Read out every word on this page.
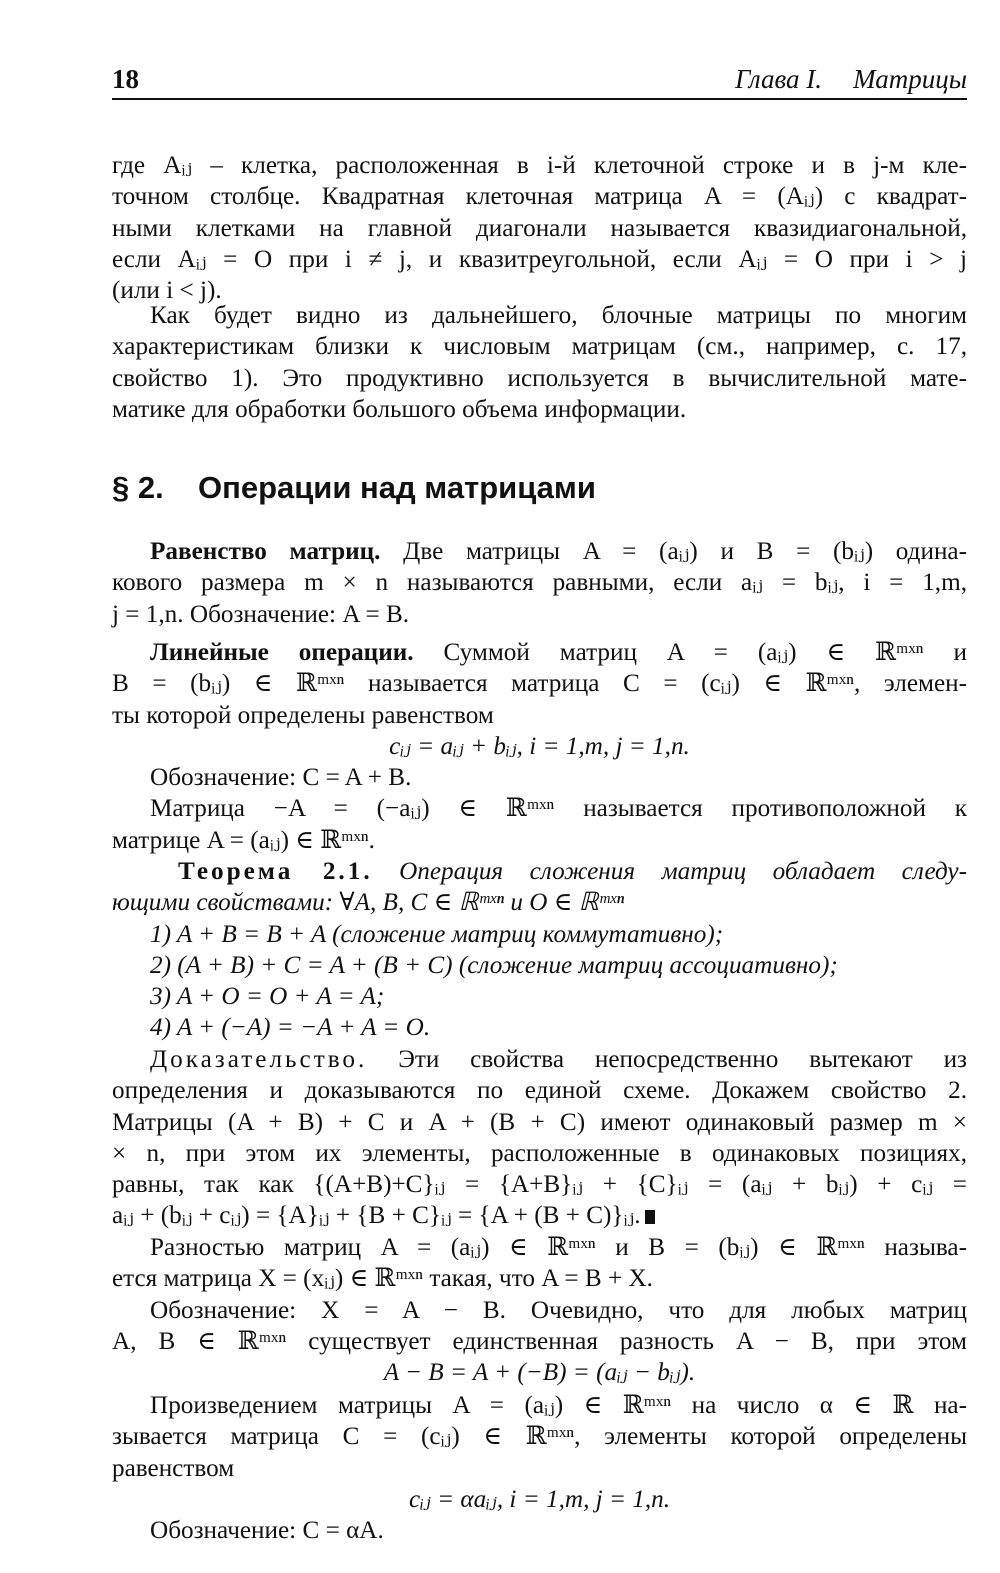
18	Глава I. Матрицы
где Aᵢⱼ – клетка, расположенная в i-й клеточной строке и в j-м кле-
точном столбце. Квадратная клеточная матрица A = (Aᵢⱼ) с квадрат-
ными клетками на главной диагонали называется квазидиагональной,
если Aᵢⱼ = O при i ≠ j, и квазитреугольной, если Aᵢⱼ = O при i > j
(или i < j).
Как будет видно из дальнейшего, блочные матрицы по многим
характеристикам близки к числовым матрицам (см., например, с. 17,
свойство 1). Это продуктивно используется в вычислительной мате-
матике для обработки большого объема информации.
§ 2. Операции над матрицами
Равенство матриц. Две матрицы A = (aᵢⱼ) и B = (bᵢⱼ) одина-
кового размера m × n называются равными, если aᵢⱼ = bᵢⱼ, i = 1,m,
j = 1,n. Обозначение: A = B.
Линейные операции. Суммой матриц A = (aᵢⱼ) ∈ ℝᵐˣⁿ и
B = (bᵢⱼ) ∈ ℝᵐˣⁿ называется матрица C = (cᵢⱼ) ∈ ℝᵐˣⁿ, элемен-
ты которой определены равенством
cᵢⱼ = aᵢⱼ + bᵢⱼ, i = 1,m, j = 1,n.
Обозначение: C = A + B.
Матрица −A = (−aᵢⱼ) ∈ ℝᵐˣⁿ называется противоположной к
матрице A = (aᵢⱼ) ∈ ℝᵐˣⁿ.
Теорема 2.1. Операция сложения матриц обладает следу-
ющими свойствами: ∀A, B, C ∈ ℝᵐˣⁿ и O ∈ ℝᵐˣⁿ
1) A + B = B + A (сложение матриц коммутативно);
2) (A + B) + C = A + (B + C) (сложение матриц ассоциативно);
3) A + O = O + A = A;
4) A + (−A) = −A + A = O.
Доказательство. Эти свойства непосредственно вытекают из
определения и доказываются по единой схеме. Докажем свойство 2.
Матрицы (A + B) + C и A + (B + C) имеют одинаковый размер m ×
× n, при этом их элементы, расположенные в одинаковых позициях,
равны, так как {(A+B)+C}ᵢⱼ = {A+B}ᵢⱼ + {C}ᵢⱼ = (aᵢⱼ + bᵢⱼ) + cᵢⱼ =
aᵢⱼ + (bᵢⱼ + cᵢⱼ) = {A}ᵢⱼ + {B + C}ᵢⱼ = {A + (B + C)}ᵢⱼ.
Разностью матриц A = (aᵢⱼ) ∈ ℝᵐˣⁿ и B = (bᵢⱼ) ∈ ℝᵐˣⁿ называ-
ется матрица X = (xᵢⱼ) ∈ ℝᵐˣⁿ такая, что A = B + X.
Обозначение: X = A − B. Очевидно, что для любых матриц
A, B ∈ ℝᵐˣⁿ существует единственная разность A − B, при этом
A − B = A + (−B) = (aᵢⱼ − bᵢⱼ).
Произведением матрицы A = (aᵢⱼ) ∈ ℝᵐˣⁿ на число α ∈ ℝ на-
зывается матрица C = (cᵢⱼ) ∈ ℝᵐˣⁿ, элементы которой определены
равенством
cᵢⱼ = αaᵢⱼ, i = 1,m, j = 1,n.
Обозначение: C = αA.
